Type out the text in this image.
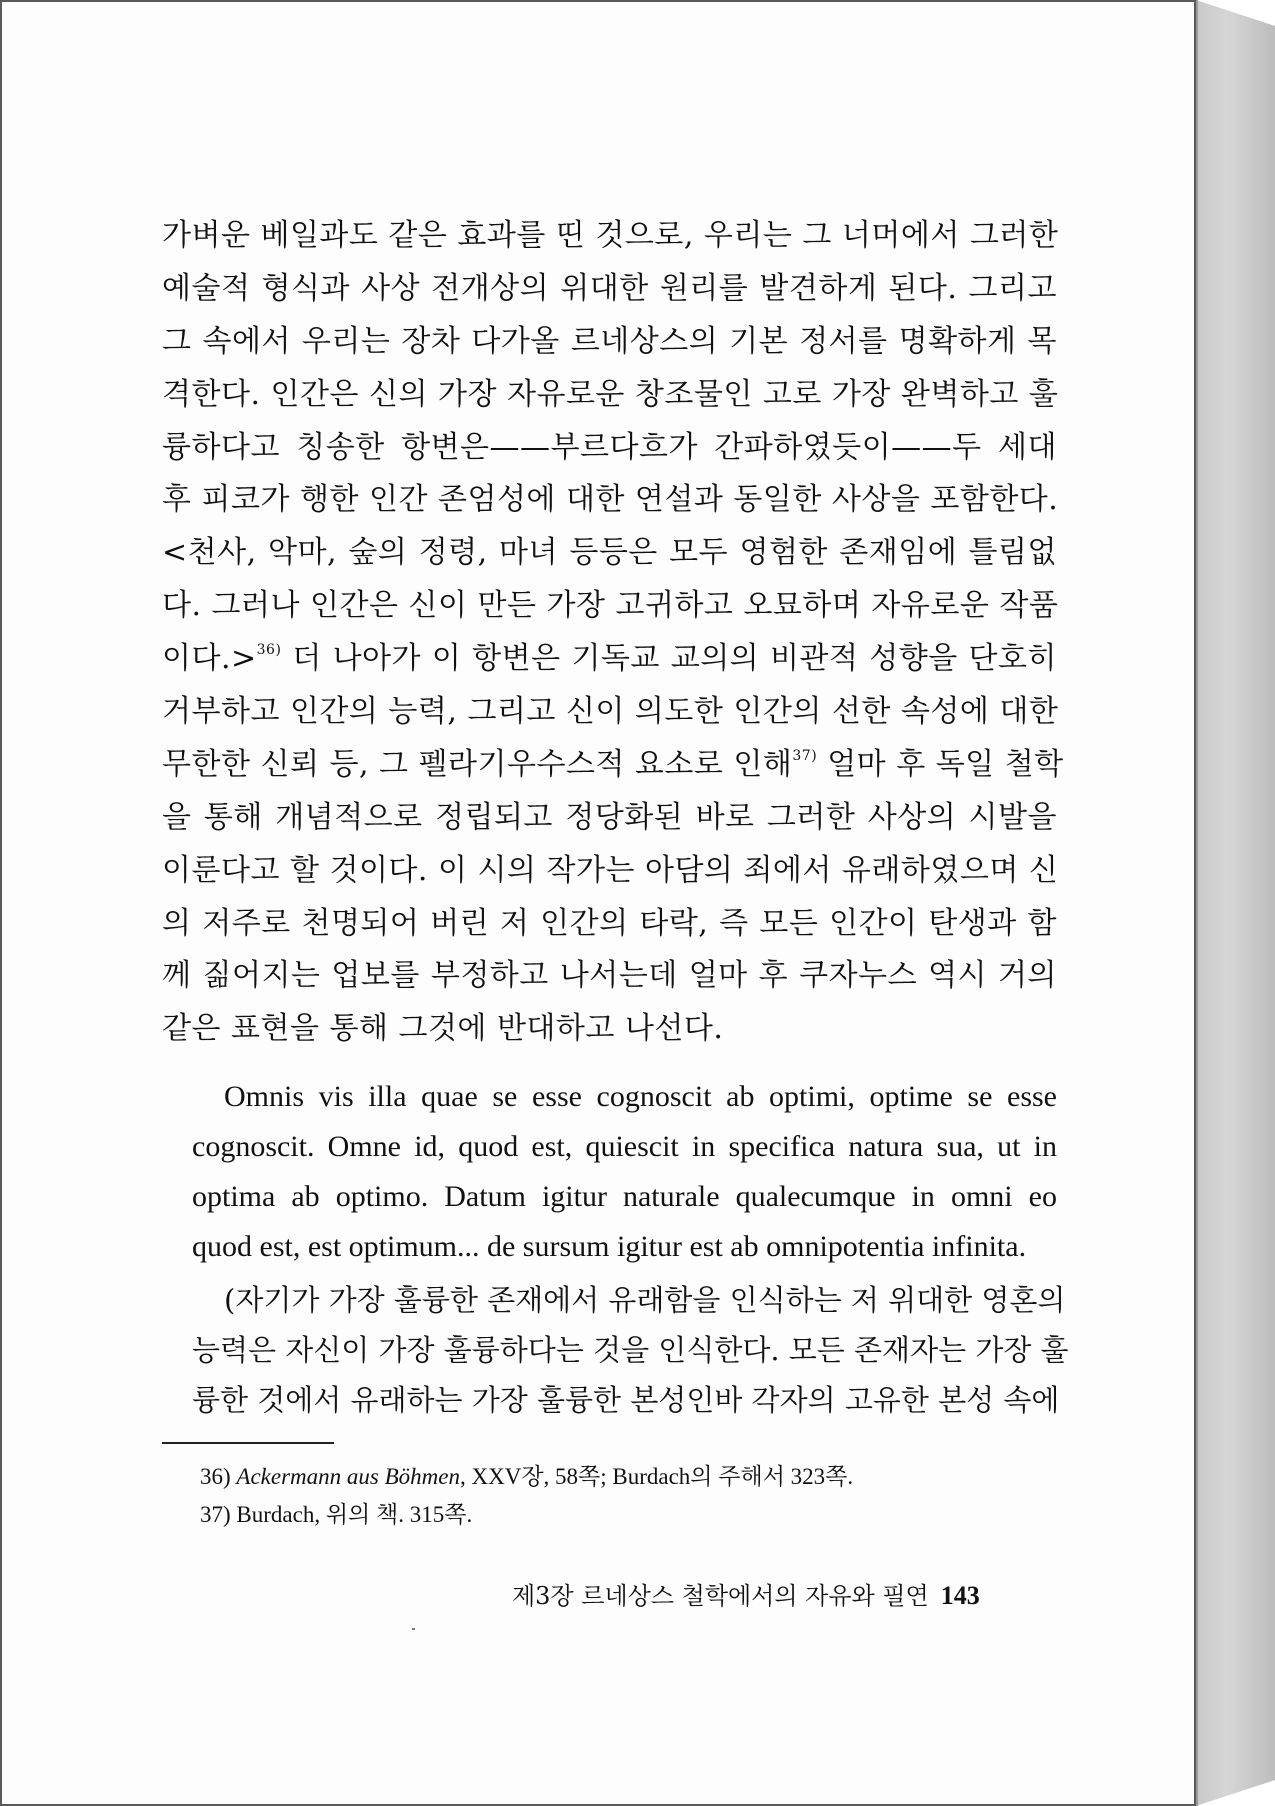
가벼운 베일과도 같은 효과를 띤 것으로, 우리는 그 너머에서 그러한
예술적 형식과 사상 전개상의 위대한 원리를 발견하게 된다. 그리고
그 속에서 우리는 장차 다가올 르네상스의 기본 정서를 명확하게 목
격한다. 인간은 신의 가장 자유로운 창조물인 고로 가장 완벽하고 훌
륭하다고 칭송한 항변은——부르다흐가 간파하였듯이——두 세대
후 피코가 행한 인간 존엄성에 대한 연설과 동일한 사상을 포함한다.
<천사, 악마, 숲의 정령, 마녀 등등은 모두 영험한 존재임에 틀림없
다. 그러나 인간은 신이 만든 가장 고귀하고 오묘하며 자유로운 작품
이다.>$^{36)}$ 더 나아가 이 항변은 기독교 교의의 비관적 성향을 단호히
거부하고 인간의 능력, 그리고 신이 의도한 인간의 선한 속성에 대한
무한한 신뢰 등, 그 펠라기우수스적 요소로 인해$^{37)}$ 얼마 후 독일 철학
을 통해 개념적으로 정립되고 정당화된 바로 그러한 사상의 시발을
이룬다고 할 것이다. 이 시의 작가는 아담의 죄에서 유래하였으며 신
의 저주로 천명되어 버린 저 인간의 타락, 즉 모든 인간이 탄생과 함
께 짊어지는 업보를 부정하고 나서는데 얼마 후 쿠자누스 역시 거의
같은 표현을 통해 그것에 반대하고 나선다.
Omnis vis illa quae se esse cognoscit ab optimi, optime se esse
cognoscit. Omne id, quod est, quiescit in specifica natura sua, ut in
optima ab optimo. Datum igitur naturale qualecumque in omni eo
quod est, est optimum... de sursum igitur est ab omnipotentia infinita.
(자기가 가장 훌륭한 존재에서 유래함을 인식하는 저 위대한 영혼의
능력은 자신이 가장 훌륭하다는 것을 인식한다. 모든 존재자는 가장 훌
륭한 것에서 유래하는 가장 훌륭한 본성인바 각자의 고유한 본성 속에
36) Ackermann aus Böhmen, XXV장, 58쪽; Burdach의 주해서 323쪽.
37) Burdach, 위의 책. 315쪽.
제3장 르네상스 철학에서의 자유와 필연 143
